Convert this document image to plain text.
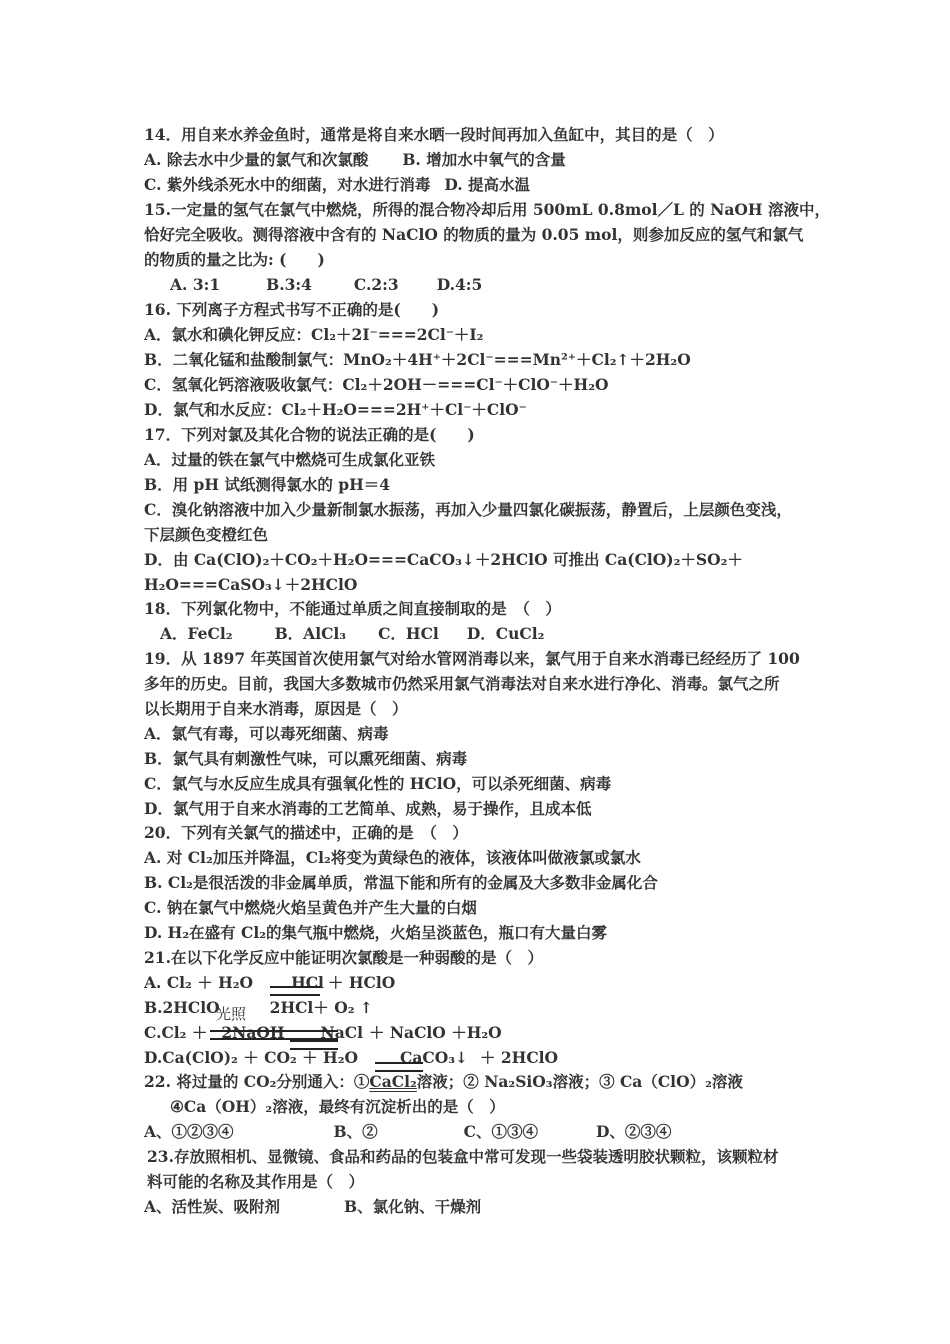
14．用自来水养金鱼时，通常是将自来水晒一段时间再加入鱼缸中，其目的是（　）
A. 除去水中少量的氯气和次氯酸 B. 增加水中氧气的含量
C. 紫外线杀死水中的细菌，对水进行消毒 D. 提高水温
15.一定量的氢气在氯气中燃烧，所得的混合物冷却后用 500mL 0.8mol／L 的 NaOH 溶液中，
恰好完全吸收。测得溶液中含有的 NaClO 的物质的量为 0.05 mol，则参加反应的氢气和氯气
的物质的量之比为: (　　)
A. 3:1	B.3:4	C.2:3 D.4:5
16. 下列离子方程式书写不正确的是(　　)
A．氯水和碘化钾反应：Cl₂＋2I⁻===2Cl⁻＋I₂
B．二氧化锰和盐酸制氯气：MnO₂＋4H⁺＋2Cl⁻===Mn²⁺＋Cl₂↑＋2H₂O
C．氢氧化钙溶液吸收氯气：Cl₂＋2OH－===Cl⁻＋ClO⁻＋H₂O
D．氯气和水反应：Cl₂＋H₂O===2H⁺＋Cl⁻＋ClO⁻
17．下列对氯及其化合物的说法正确的是(　　)
A．过量的铁在氯气中燃烧可生成氯化亚铁
B．用 pH 试纸测得氯水的 pH＝4
C．溴化钠溶液中加入少量新制氯水振荡，再加入少量四氯化碳振荡，静置后，上层颜色变浅，
下层颜色变橙红色
D．由 Ca(ClO)₂＋CO₂＋H₂O===CaCO₃↓＋2HClO 可推出 Ca(ClO)₂＋SO₂＋
H₂O===CaSO₃↓＋2HClO
18．下列氯化物中，不能通过单质之间直接制取的是　（　）
A．FeCl₂	B．AlCl₃ C．HCl D．CuCl₂
19．从 1897 年英国首次使用氯气对给水管网消毒以来，氯气用于自来水消毒已经经历了 100
多年的历史。目前，我国大多数城市仍然采用氯气消毒法对自来水进行净化、消毒。氯气之所
以长期用于自来水消毒，原因是（　）
A．氯气有毒，可以毒死细菌、病毒
B．氯气具有刺激性气味，可以熏死细菌、病毒
C．氯气与水反应生成具有强氧化性的 HClO，可以杀死细菌、病毒
D．氯气用于自来水消毒的工艺简单、成熟，易于操作，且成本低
20．下列有关氯气的描述中，正确的是　（　）
A. 对 Cl₂加压并降温，Cl₂将变为黄绿色的液体，该液体叫做液氯或氯水
B. Cl₂是很活泼的非金属单质，常温下能和所有的金属及大多数非金属化合
C. 钠在氯气中燃烧火焰呈黄色并产生大量的白烟
D. H₂在盛有 Cl₂的集气瓶中燃烧，火焰呈淡蓝色，瓶口有大量白雾
21.在以下化学反应中能证明次氯酸是一种弱酸的是（　）
A. Cl₂ ＋ H₂O HCl ＋ HClO
B.2HClO	2HCl＋ O₂ ↑
光照
C.Cl₂ ＋ 2NaOH NaCl ＋ NaClO ＋H₂O
D.Ca(ClO)₂ ＋ CO₂ ＋ H₂O	CaCO₃↓ ＋ 2HClO
22. 将过量的 CO₂分别通入：①CaCl₂溶液；② Na₂SiO₃溶液；③ Ca（ClO）₂溶液
④Ca（OH）₂溶液，最终有沉淀析出的是（　）
A、①②③④	B、②	C、①③④	D、②③④
23.存放照相机、显微镜、食品和药品的包装盒中常可发现一些袋装透明胶状颗粒，该颗粒材
料可能的名称及其作用是（　）
A、活性炭、吸附剂	B、氯化钠、干燥剂
